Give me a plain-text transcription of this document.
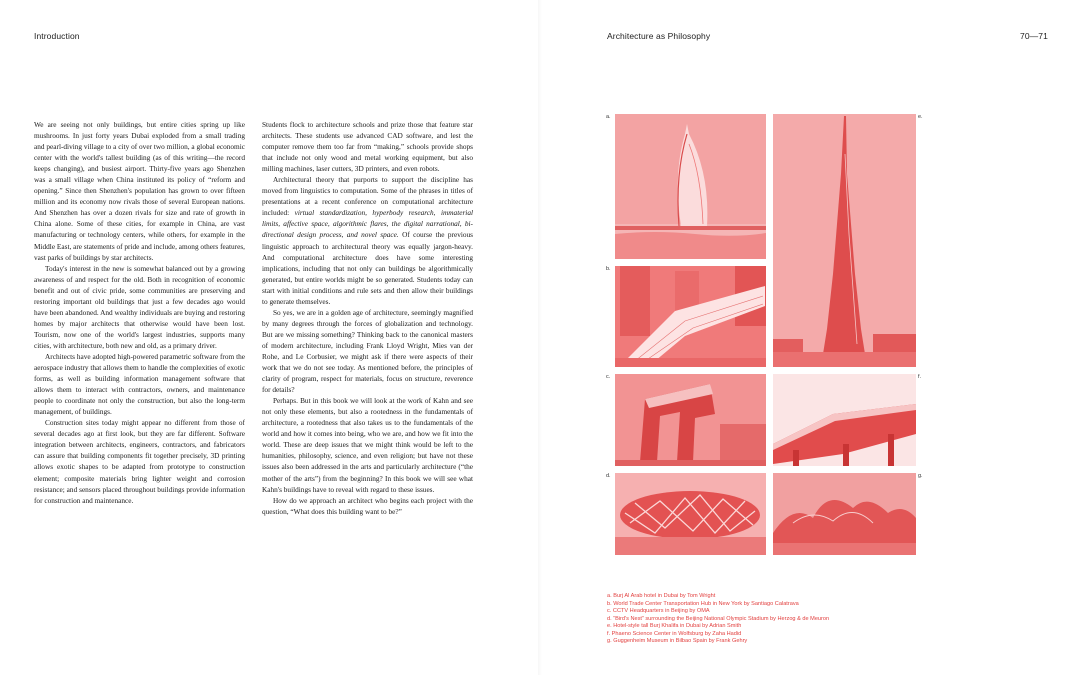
Introduction	Architecture as Philosophy	70—71

We are seeing not only buildings, but entire cities spring up like mushrooms. In just forty years Dubai exploded from a small trading and pearl-diving village to a city of over two million, a global economic center with the world's tallest building (as of this writing—the record keeps changing), and busiest airport. Thirty-five years ago Shenzhen was a small village when China instituted its policy of “reform and opening.” Since then Shenzhen's population has grown to over fifteen million and its economy now rivals those of several European nations. And Shenzhen has over a dozen rivals for size and rate of growth in China alone. Some of these cities, for example in China, are vast manufacturing or technology centers, while others, for example in the Middle East, are statements of pride and include, among others features, vast parks of buildings by star architects.

Today's interest in the new is somewhat balanced out by a growing awareness of and respect for the old. Both in recognition of economic benefit and out of civic pride, some communities are preserving and restoring important old buildings that just a few decades ago would have been abandoned. And wealthy individuals are buying and restoring homes by major architects that otherwise would have been lost. Tourism, now one of the world's largest industries, supports many cities, with architecture, both new and old, as a primary driver.

Architects have adopted high-powered parametric software from the aerospace industry that allows them to handle the complexities of exotic forms, as well as building information management software that allows them to interact with contractors, owners, and maintenance people to coordinate not only the construction, but also the long-term management, of buildings.

Construction sites today might appear no different from those of several decades ago at first look, but they are far different. Software integration between architects, engineers, contractors, and fabricators can assure that building components fit together precisely, 3D printing allows exotic shapes to be adapted from prototype to construction element; composite materials bring lighter weight and corrosion resistance; and sensors placed throughout buildings provide information for construction and maintenance.

Students flock to architecture schools and prize those that feature star architects. These students use advanced CAD software, and lest the computer remove them too far from “making,” schools provide shops that include not only wood and metal working equipment, but also milling machines, laser cutters, 3D printers, and even robots.

Architectural theory that purports to support the discipline has moved from linguistics to computation. Some of the phrases in titles of presentations at a recent conference on computational architecture included: virtual standardization, hyperbody research, immaterial limits, affective space, algorithmic flares, the digital narrational, bi-directional design process, and novel space. Of course the previous linguistic approach to architectural theory was equally jargon-heavy. And computational architecture does have some interesting implications, including that not only can buildings be algorithmically generated, but entire worlds might be so generated. Students today can start with initial conditions and rule sets and then allow their buildings to generate themselves.

So yes, we are in a golden age of architecture, seemingly magnified by many degrees through the forces of globalization and technology. But are we missing something? Thinking back to the canonical masters of modern architecture, including Frank Lloyd Wright, Mies van der Rohe, and Le Corbusier, we might ask if there were aspects of their work that we do not see today. As mentioned before, the principles of clarity of program, respect for materials, focus on structure, reverence for details?

Perhaps. But in this book we will look at the work of Kahn and see not only these elements, but also a rootedness in the fundamentals of architecture, a rootedness that also takes us to the fundamentals of the world and how it comes into being, who we are, and how we fit into the world. These are deep issues that we might think would be left to the humanities, philosophy, science, and even religion; but have not these issues also been addressed in the arts and particularly architecture (“the mother of the arts”) from the beginning? In this book we will see what Kahn's buildings have to reveal with regard to these issues.

How do we approach an architect who begins each project with the question, “What does this building want to be?”

a.
b.
c.
d.
e.
f.
g.
a. Burj Al Arab hotel in Dubai by Tom Wright
b. World Trade Center Transportation Hub in New York by Santiago Calatrava
c. CCTV Headquarters in Beijing by OMA
d. “Bird's Nest” surrounding the Beijing National Olympic Stadium by Herzog & de Meuron
e. Hotel-style tall Burj Khalifa in Dubai by Adrian Smith
f. Phaeno Science Center in Wolfsburg by Zaha Hadid
g. Guggenheim Museum in Bilbao Spain by Frank Gehry
